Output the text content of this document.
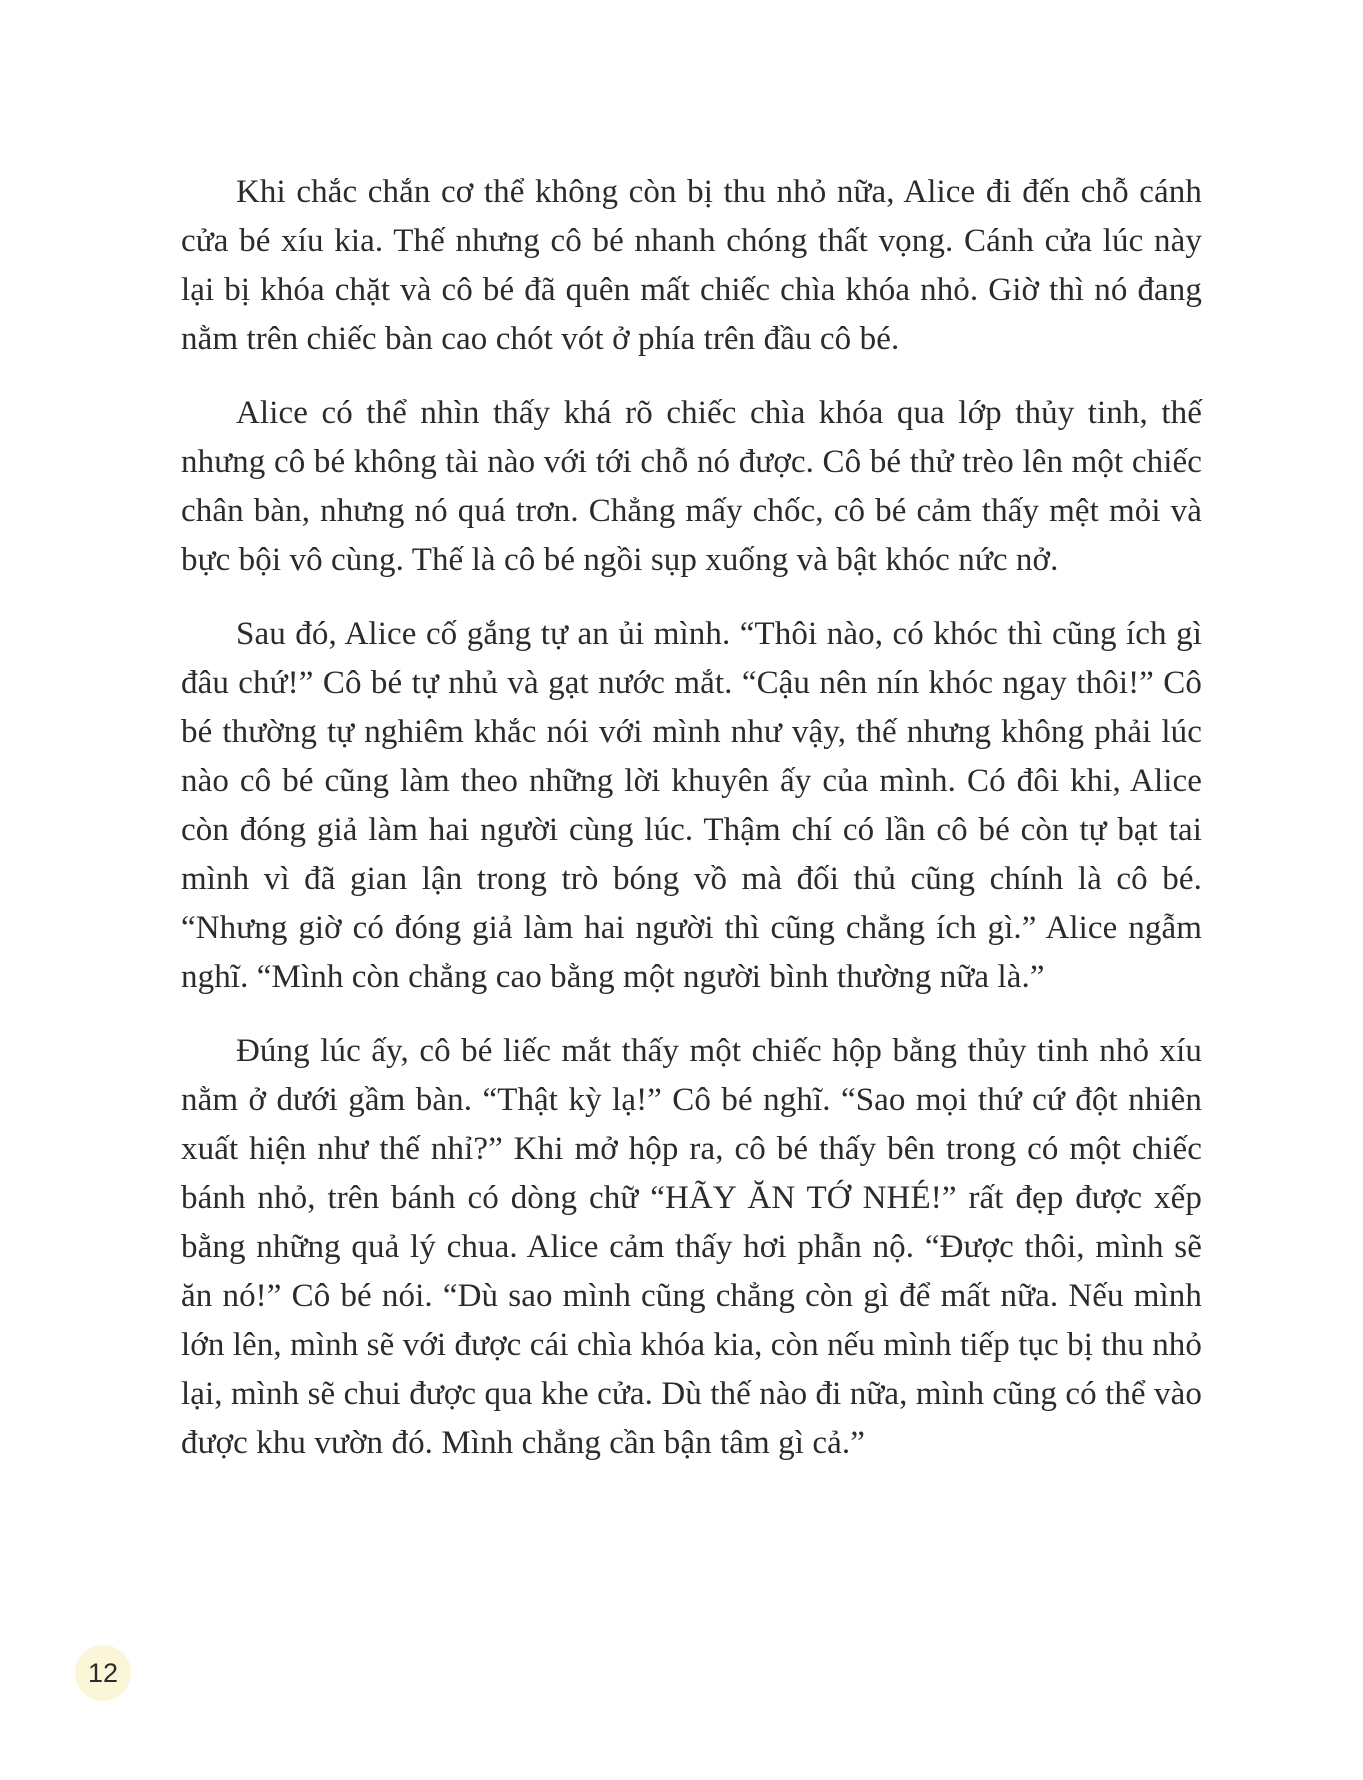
Khi chắc chắn cơ thể không còn bị thu nhỏ nữa, Alice đi đến chỗ cánh cửa bé xíu kia. Thế nhưng cô bé nhanh chóng thất vọng. Cánh cửa lúc này lại bị khóa chặt và cô bé đã quên mất chiếc chìa khóa nhỏ. Giờ thì nó đang nằm trên chiếc bàn cao chót vót ở phía trên đầu cô bé.

Alice có thể nhìn thấy khá rõ chiếc chìa khóa qua lớp thủy tinh, thế nhưng cô bé không tài nào với tới chỗ nó được. Cô bé thử trèo lên một chiếc chân bàn, nhưng nó quá trơn. Chẳng mấy chốc, cô bé cảm thấy mệt mỏi và bực bội vô cùng. Thế là cô bé ngồi sụp xuống và bật khóc nức nở.

Sau đó, Alice cố gắng tự an ủi mình. “Thôi nào, có khóc thì cũng ích gì đâu chứ!” Cô bé tự nhủ và gạt nước mắt. “Cậu nên nín khóc ngay thôi!” Cô bé thường tự nghiêm khắc nói với mình như vậy, thế nhưng không phải lúc nào cô bé cũng làm theo những lời khuyên ấy của mình. Có đôi khi, Alice còn đóng giả làm hai người cùng lúc. Thậm chí có lần cô bé còn tự bạt tai mình vì đã gian lận trong trò bóng vồ mà đối thủ cũng chính là cô bé. “Nhưng giờ có đóng giả làm hai người thì cũng chẳng ích gì.” Alice ngẫm nghĩ. “Mình còn chẳng cao bằng một người bình thường nữa là.”

Đúng lúc ấy, cô bé liếc mắt thấy một chiếc hộp bằng thủy tinh nhỏ xíu nằm ở dưới gầm bàn. “Thật kỳ lạ!” Cô bé nghĩ. “Sao mọi thứ cứ đột nhiên xuất hiện như thế nhỉ?” Khi mở hộp ra, cô bé thấy bên trong có một chiếc bánh nhỏ, trên bánh có dòng chữ “HÃY ĂN TỚ NHÉ!” rất đẹp được xếp bằng những quả lý chua. Alice cảm thấy hơi phẫn nộ. “Được thôi, mình sẽ ăn nó!” Cô bé nói. “Dù sao mình cũng chẳng còn gì để mất nữa. Nếu mình lớn lên, mình sẽ với được cái chìa khóa kia, còn nếu mình tiếp tục bị thu nhỏ lại, mình sẽ chui được qua khe cửa. Dù thế nào đi nữa, mình cũng có thể vào được khu vườn đó. Mình chẳng cần bận tâm gì cả.”

12
